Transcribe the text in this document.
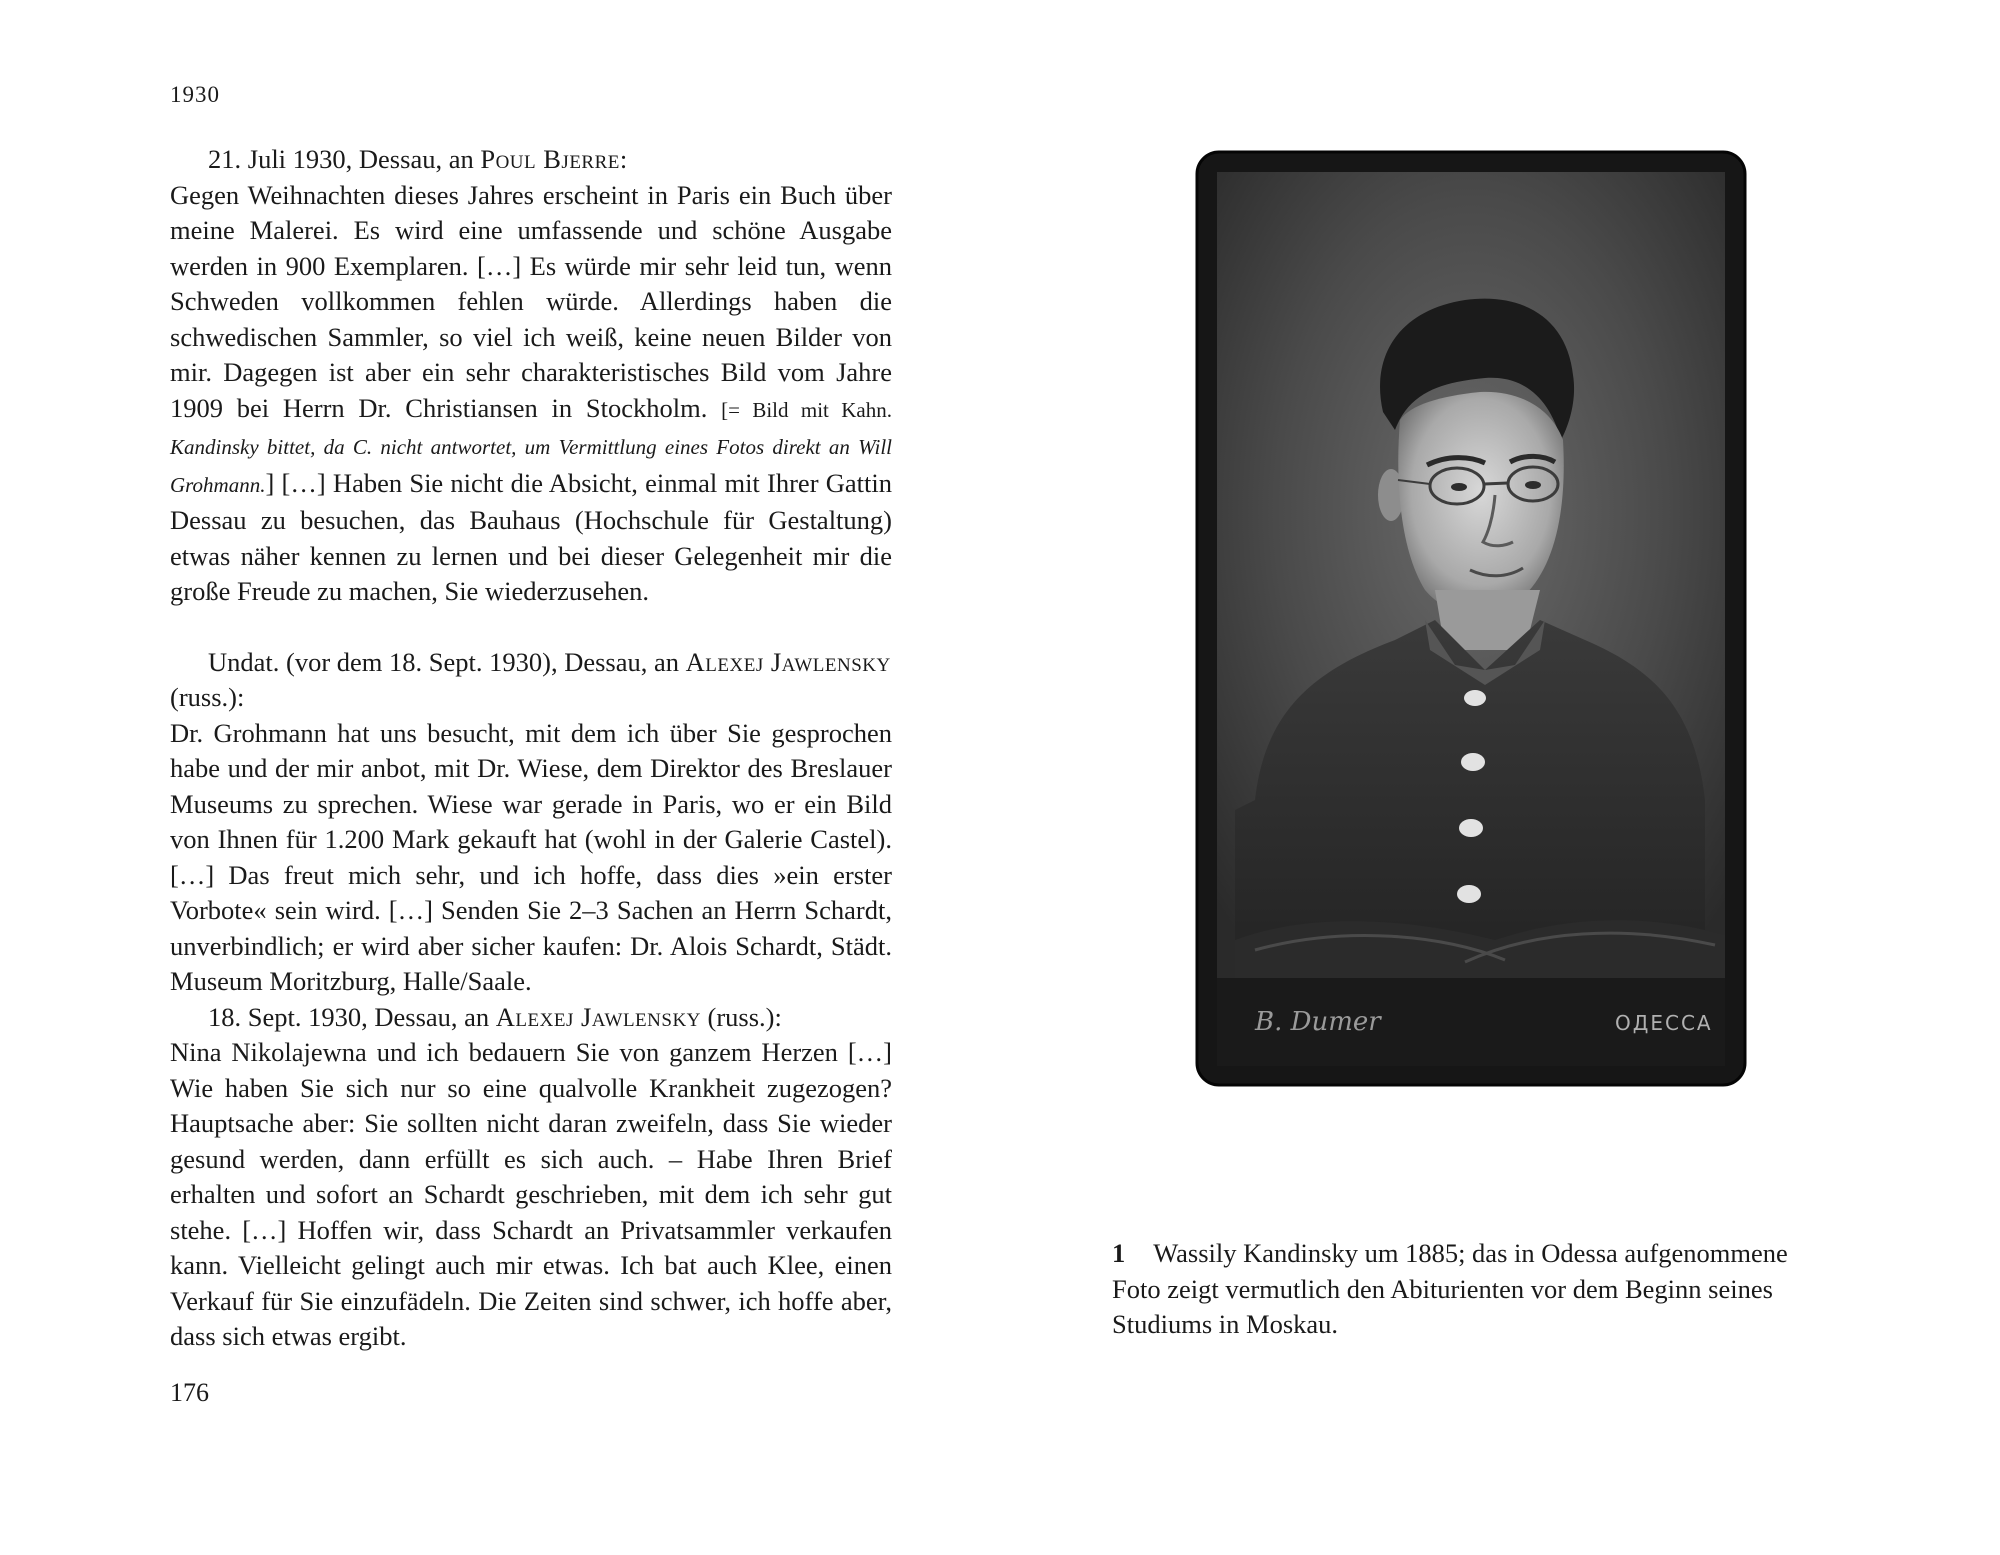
1930

21. Juli 1930, Dessau, an Poul Bjerre:

Gegen Weihnachten dieses Jahres erscheint in Paris ein Buch über meine Malerei. Es wird eine umfassende und schöne Ausgabe werden in 900 Exemplaren. […] Es würde mir sehr leid tun, wenn Schweden vollkommen fehlen würde. Allerdings haben die schwedischen Sammler, so viel ich weiß, keine neuen Bilder von mir. Dagegen ist aber ein sehr charakteristisches Bild vom Jahre 1909 bei Herrn Dr. Christiansen in Stockholm. [= Bild mit Kahn. Kandinsky bittet, da C. nicht antwortet, um Vermittlung eines Fotos direkt an Will Grohmann.] […] Haben Sie nicht die Absicht, einmal mit Ihrer Gattin Dessau zu besuchen, das Bauhaus (Hochschule für Gestaltung) etwas näher kennen zu lernen und bei dieser Gelegenheit mir die große Freude zu machen, Sie wiederzusehen.

Undat. (vor dem 18. Sept. 1930), Dessau, an Alexej Jawlensky (russ.):

Dr. Grohmann hat uns besucht, mit dem ich über Sie gesprochen habe und der mir anbot, mit Dr. Wiese, dem Direktor des Breslauer Museums zu sprechen. Wiese war gerade in Paris, wo er ein Bild von Ihnen für 1.200 Mark gekauft hat (wohl in der Galerie Castel). […] Das freut mich sehr, und ich hoffe, dass dies »ein erster Vorbote« sein wird. […] Senden Sie 2–3 Sachen an Herrn Schardt, unverbindlich; er wird aber sicher kaufen: Dr. Alois Schardt, Städt. Museum Moritzburg, Halle/Saale.

18. Sept. 1930, Dessau, an Alexej Jawlensky (russ.):

Nina Nikolajewna und ich bedauern Sie von ganzem Herzen […] Wie haben Sie sich nur so eine qualvolle Krankheit zugezogen? Hauptsache aber: Sie sollten nicht daran zweifeln, dass Sie wieder gesund werden, dann erfüllt es sich auch. – Habe Ihren Brief erhalten und sofort an Schardt geschrieben, mit dem ich sehr gut stehe. […] Hoffen wir, dass Schardt an Privatsammler verkaufen kann. Vielleicht gelingt auch mir etwas. Ich bat auch Klee, einen Verkauf für Sie einzufädeln. Die Zeiten sind schwer, ich hoffe aber, dass sich etwas ergibt.

176
В. Dumer	ОДЕССА
1 Wassily Kandinsky um 1885; das in Odessa aufgenommene Foto zeigt vermutlich den Abiturienten vor dem Beginn seines Studiums in Moskau.
